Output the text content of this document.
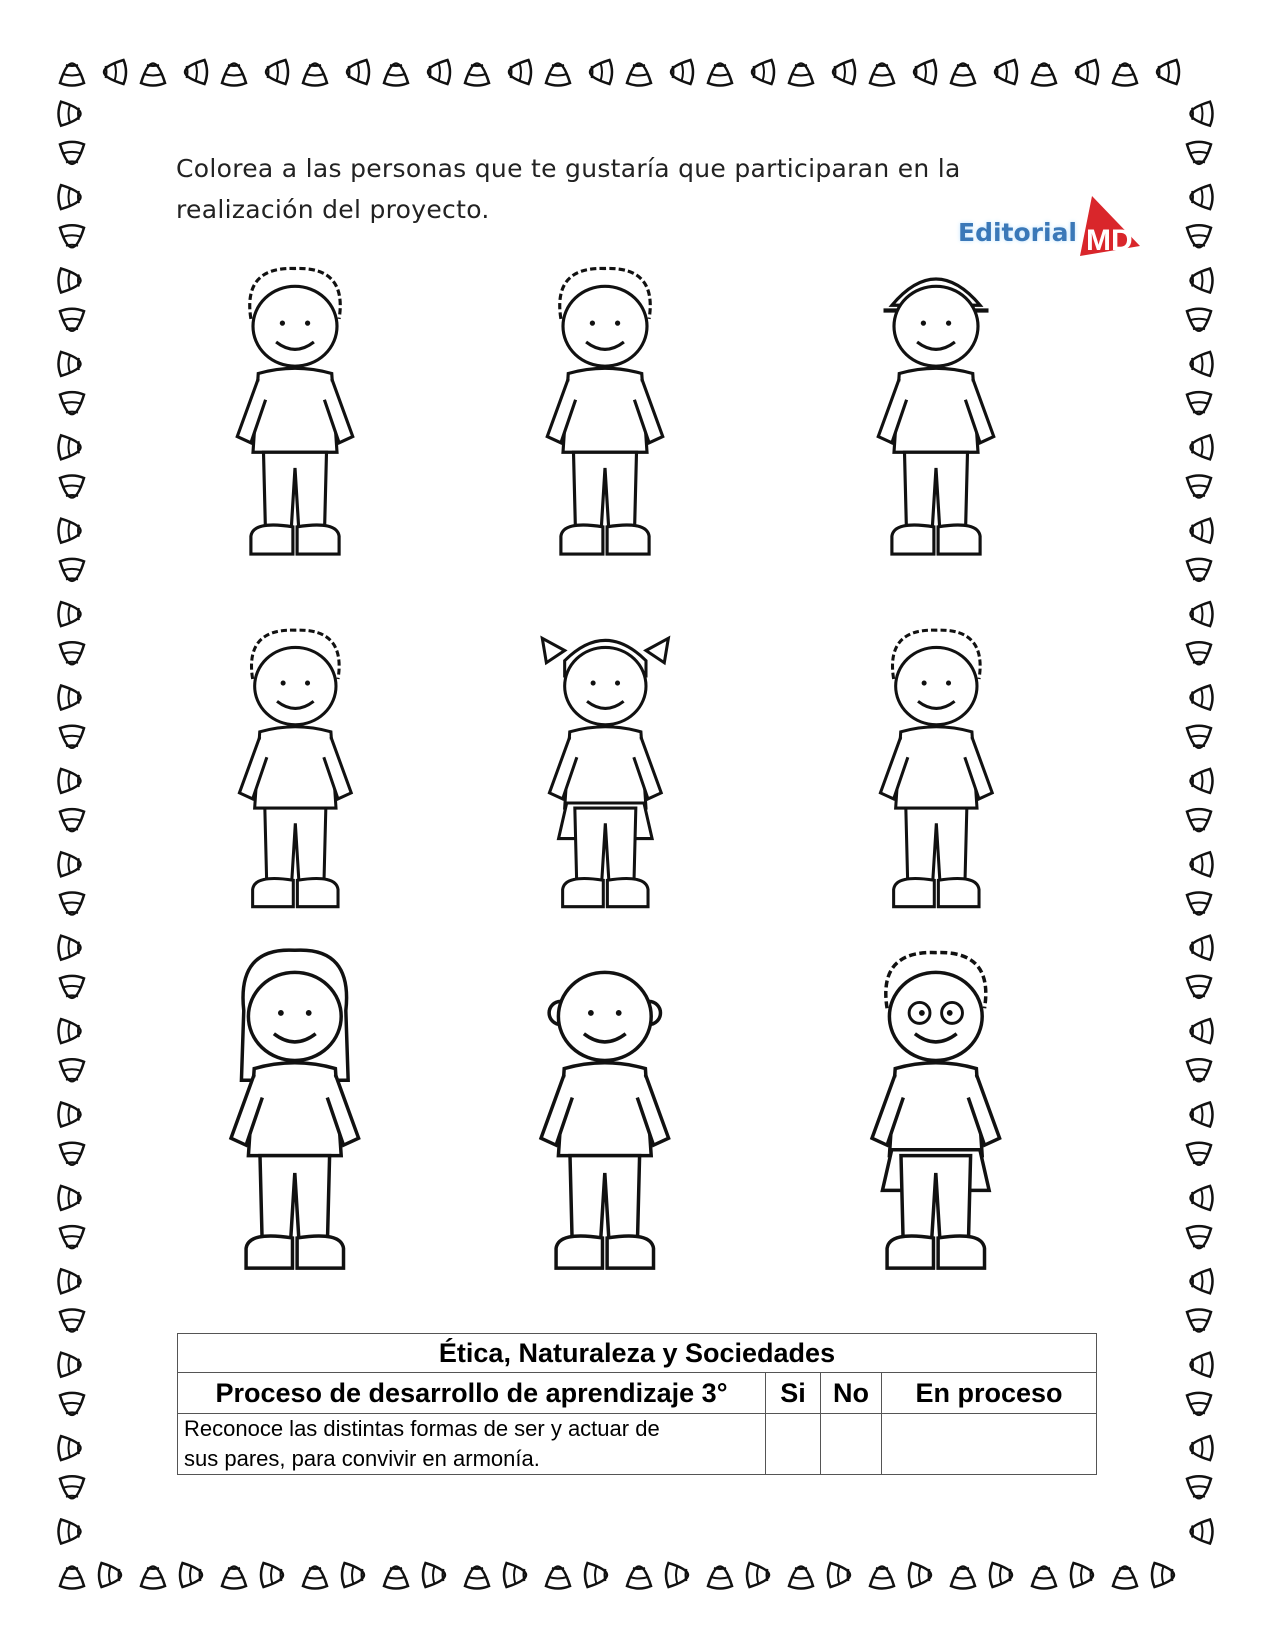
Colorea a las personas que te gustaría que participaran en la
realización del proyecto.
Editorial MD
Ética, Naturaleza y Sociedades			
Proceso de desarrollo de aprendizaje 3°	Si	No	En proceso

Reconoce las distintas formas de ser y actuar de
sus pares, para convivir en armonía.			
